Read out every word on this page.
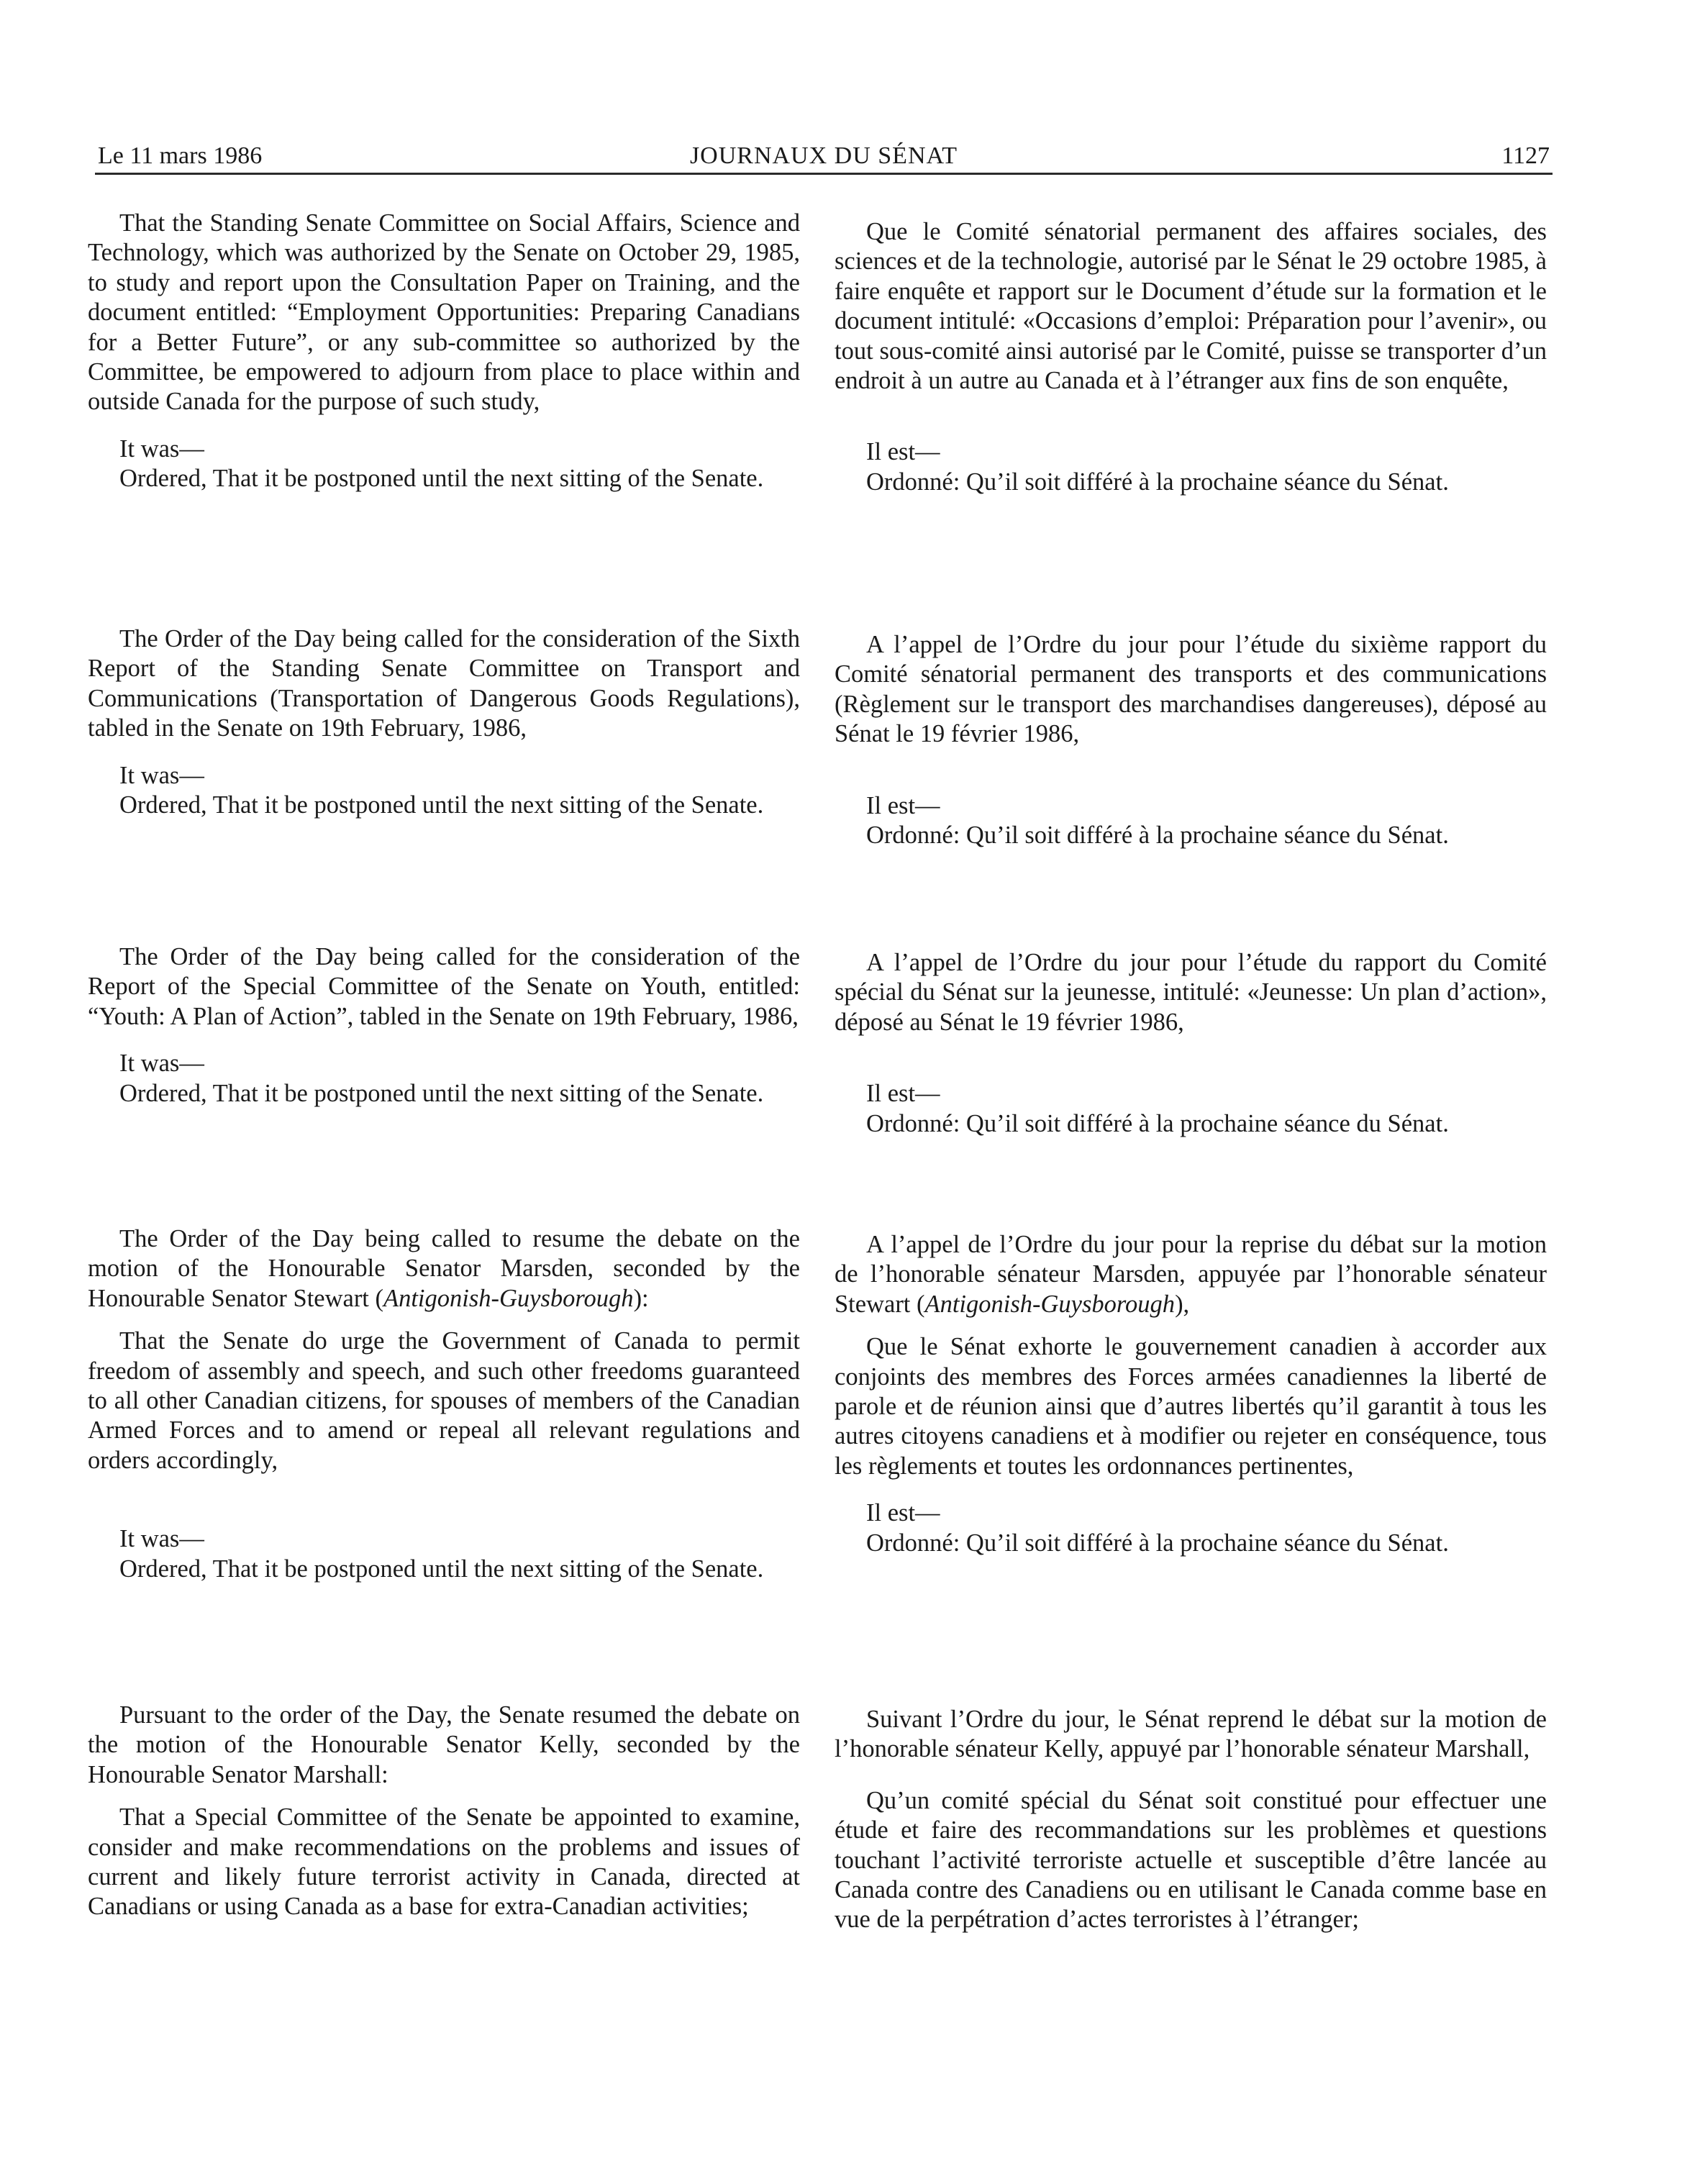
Le 11 mars 1986	JOURNAUX DU SÉNAT	1127

That the Standing Senate Committee on Social Affairs, Science and Technology, which was authorized by the Senate on October 29, 1985, to study and report upon the Consultation Paper on Training, and the document entitled: “Employment Opportunities: Preparing Canadians for a Better Future”, or any sub-committee so authorized by the Committee, be empowered to adjourn from place to place within and outside Canada for the purpose of such study,

It was—

Ordered, That it be postponed until the next sitting of the Senate.

The Order of the Day being called for the consideration of the Sixth Report of the Standing Senate Committee on Transport and Communications (Transportation of Dangerous Goods Regulations), tabled in the Senate on 19th February, 1986,

It was—

Ordered, That it be postponed until the next sitting of the Senate.

The Order of the Day being called for the consideration of the Report of the Special Committee of the Senate on Youth, entitled: “Youth: A Plan of Action”, tabled in the Senate on 19th February, 1986,

It was—

Ordered, That it be postponed until the next sitting of the Senate.

The Order of the Day being called to resume the debate on the motion of the Honourable Senator Marsden, seconded by the Honourable Senator Stewart (Antigonish-Guysborough):

That the Senate do urge the Government of Canada to permit freedom of assembly and speech, and such other freedoms guaranteed to all other Canadian citizens, for spouses of members of the Canadian Armed Forces and to amend or repeal all relevant regulations and orders accordingly,

It was—

Ordered, That it be postponed until the next sitting of the Senate.

Pursuant to the order of the Day, the Senate resumed the debate on the motion of the Honourable Senator Kelly, seconded by the Honourable Senator Marshall:

That a Special Committee of the Senate be appointed to examine, consider and make recommendations on the problems and issues of current and likely future terrorist activity in Canada, directed at Canadians or using Canada as a base for extra-Canadian activities;

Que le Comité sénatorial permanent des affaires sociales, des sciences et de la technologie, autorisé par le Sénat le 29 octobre 1985, à faire enquête et rapport sur le Document d’étude sur la formation et le document intitulé: «Occasions d’emploi: Préparation pour l’avenir», ou tout sous-comité ainsi autorisé par le Comité, puisse se transporter d’un endroit à un autre au Canada et à l’étranger aux fins de son enquête,

Il est—

Ordonné: Qu’il soit différé à la prochaine séance du Sénat.

A l’appel de l’Ordre du jour pour l’étude du sixième rapport du Comité sénatorial permanent des transports et des communications (Règlement sur le transport des marchandises dangereuses), déposé au Sénat le 19 février 1986,

Il est—

Ordonné: Qu’il soit différé à la prochaine séance du Sénat.

A l’appel de l’Ordre du jour pour l’étude du rapport du Comité spécial du Sénat sur la jeunesse, intitulé: «Jeunesse: Un plan d’action», déposé au Sénat le 19 février 1986,

Il est—

Ordonné: Qu’il soit différé à la prochaine séance du Sénat.

A l’appel de l’Ordre du jour pour la reprise du débat sur la motion de l’honorable sénateur Marsden, appuyée par l’honorable sénateur Stewart (Antigonish-Guysborough),

Que le Sénat exhorte le gouvernement canadien à accorder aux conjoints des membres des Forces armées canadiennes la liberté de parole et de réunion ainsi que d’autres libertés qu’il garantit à tous les autres citoyens canadiens et à modifier ou rejeter en conséquence, tous les règlements et toutes les ordonnances pertinentes,

Il est—

Ordonné: Qu’il soit différé à la prochaine séance du Sénat.

Suivant l’Ordre du jour, le Sénat reprend le débat sur la motion de l’honorable sénateur Kelly, appuyé par l’honorable sénateur Marshall,

Qu’un comité spécial du Sénat soit constitué pour effectuer une étude et faire des recommandations sur les problèmes et questions touchant l’activité terroriste actuelle et susceptible d’être lancée au Canada contre des Canadiens ou en utilisant le Canada comme base en vue de la perpétration d’actes terroristes à l’étranger;
